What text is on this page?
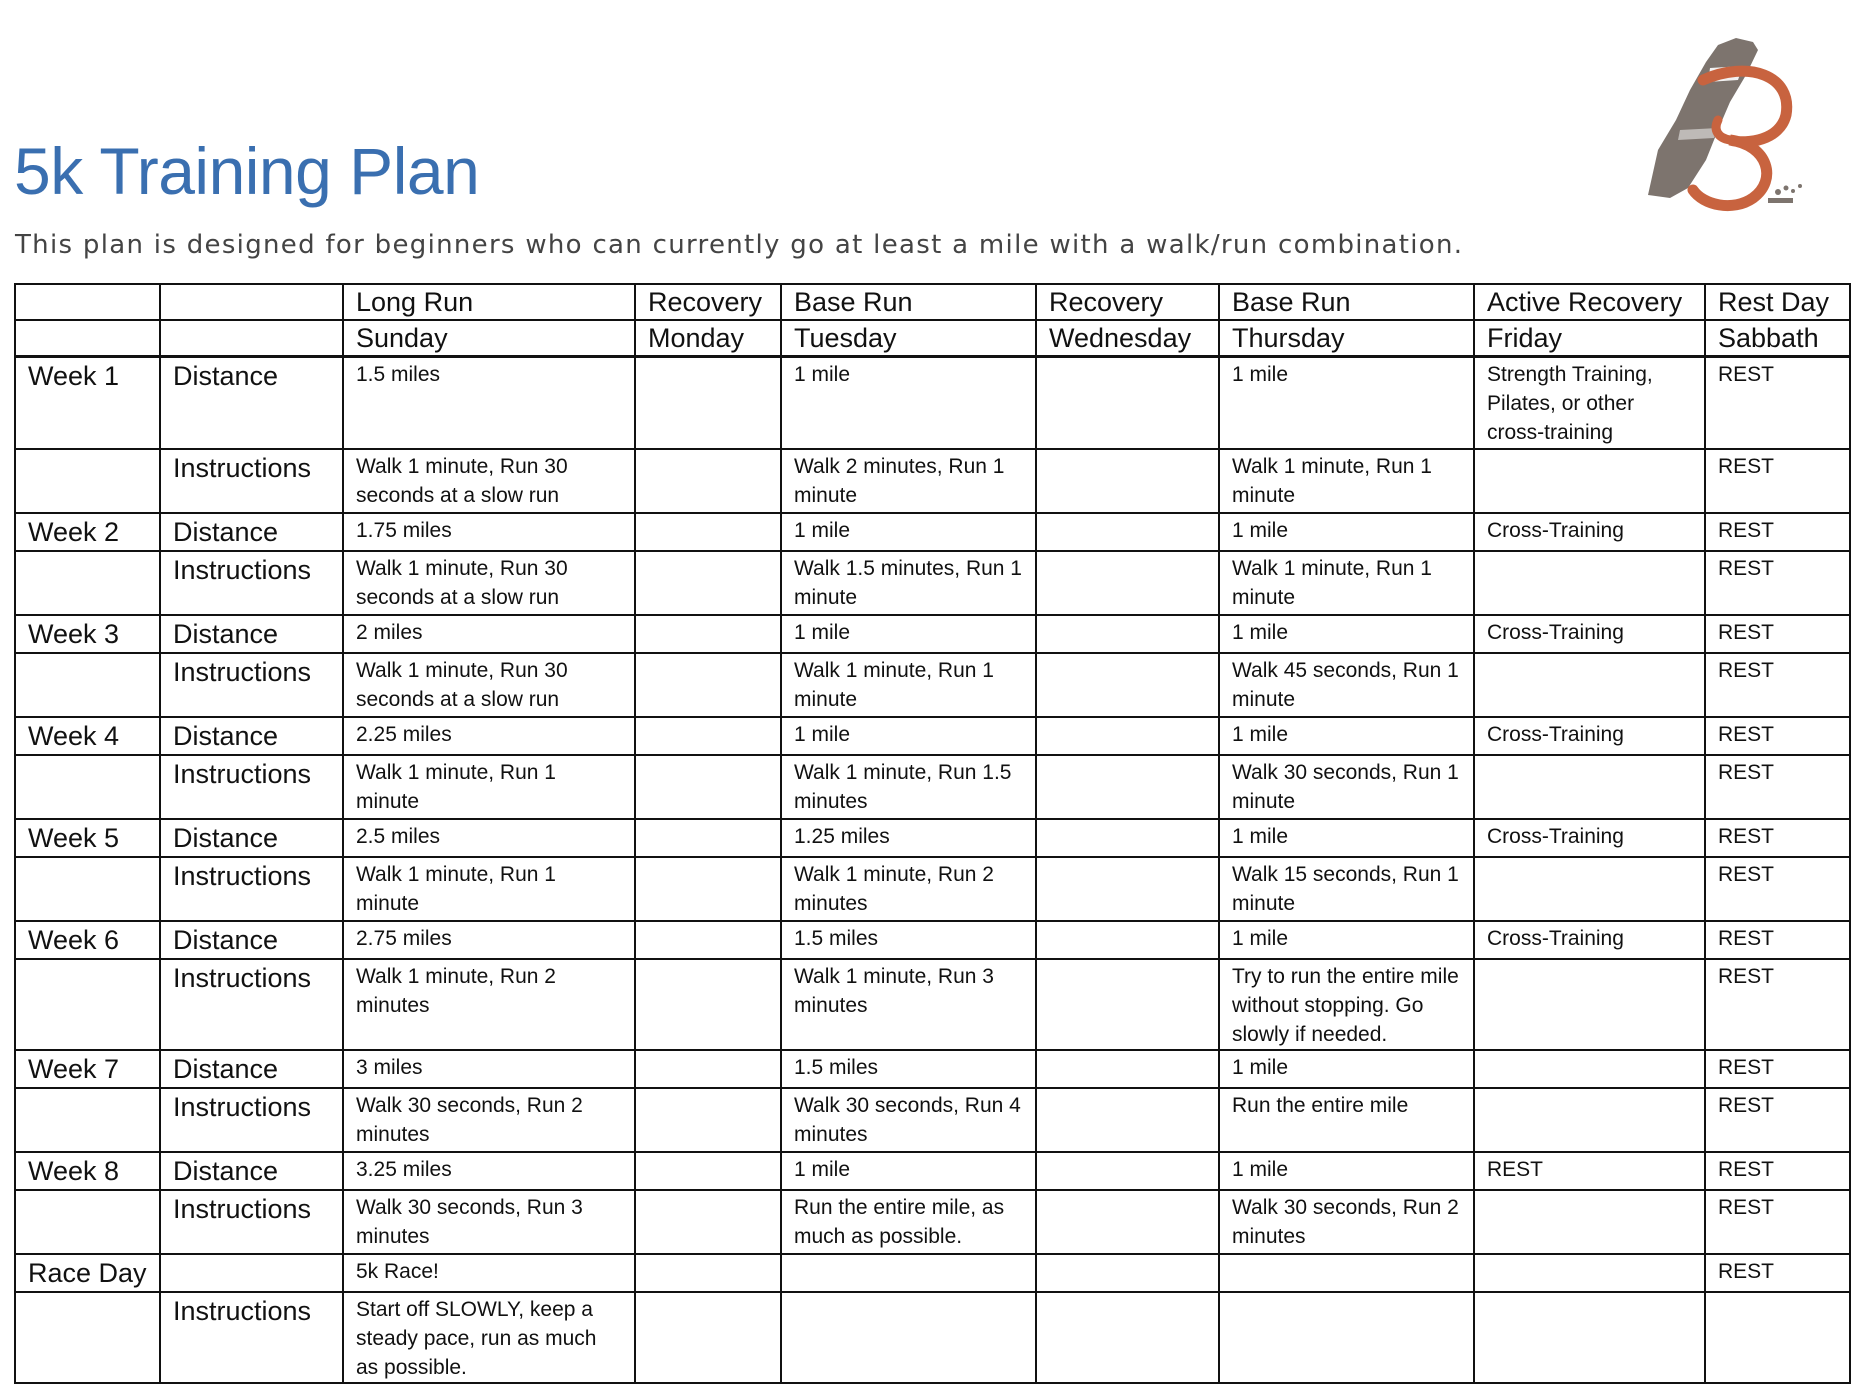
5k Training Plan
This plan is designed for beginners who can currently go at least a mile with a walk/run combination.
		Long Run	Recovery	Base Run	Recovery	Base Run	Active Recovery	Rest Day
		Sunday	Monday	Tuesday	Wednesday	Thursday	Friday	Sabbath
Week 1	Distance	1.5 miles		1 mile		1 mile	Strength Training, Pilates, or other cross-training	REST
	Instructions	Walk 1 minute, Run 30 seconds at a slow run		Walk 2 minutes, Run 1 minute		Walk 1 minute, Run 1 minute		REST
Week 2	Distance	1.75 miles		1 mile		1 mile	Cross-Training	REST
	Instructions	Walk 1 minute, Run 30 seconds at a slow run		Walk 1.5 minutes, Run 1 minute		Walk 1 minute, Run 1 minute		REST
Week 3	Distance	2 miles		1 mile		1 mile	Cross-Training	REST
	Instructions	Walk 1 minute, Run 30 seconds at a slow run		Walk 1 minute, Run 1 minute		Walk 45 seconds, Run 1 minute		REST
Week 4	Distance	2.25 miles		1 mile		1 mile	Cross-Training	REST
	Instructions	Walk 1 minute, Run 1 minute		Walk 1 minute, Run 1.5 minutes		Walk 30 seconds, Run 1 minute		REST
Week 5	Distance	2.5 miles		1.25 miles		1 mile	Cross-Training	REST
	Instructions	Walk 1 minute, Run 1 minute		Walk 1 minute, Run 2 minutes		Walk 15 seconds, Run 1 minute		REST
Week 6	Distance	2.75 miles		1.5 miles		1 mile	Cross-Training	REST
	Instructions	Walk 1 minute, Run 2 minutes		Walk 1 minute, Run 3 minutes		Try to run the entire mile without stopping. Go slowly if needed.		REST
Week 7	Distance	3 miles		1.5 miles		1 mile		REST
	Instructions	Walk 30 seconds, Run 2 minutes		Walk 30 seconds, Run 4 minutes		Run the entire mile		REST
Week 8	Distance	3.25 miles		1 mile		1 mile	REST	REST
	Instructions	Walk 30 seconds, Run 3 minutes		Run the entire mile, as much as possible.		Walk 30 seconds, Run 2 minutes		REST
Race Day		5k Race!						REST
	Instructions	Start off SLOWLY, keep a steady pace, run as much as possible.						
